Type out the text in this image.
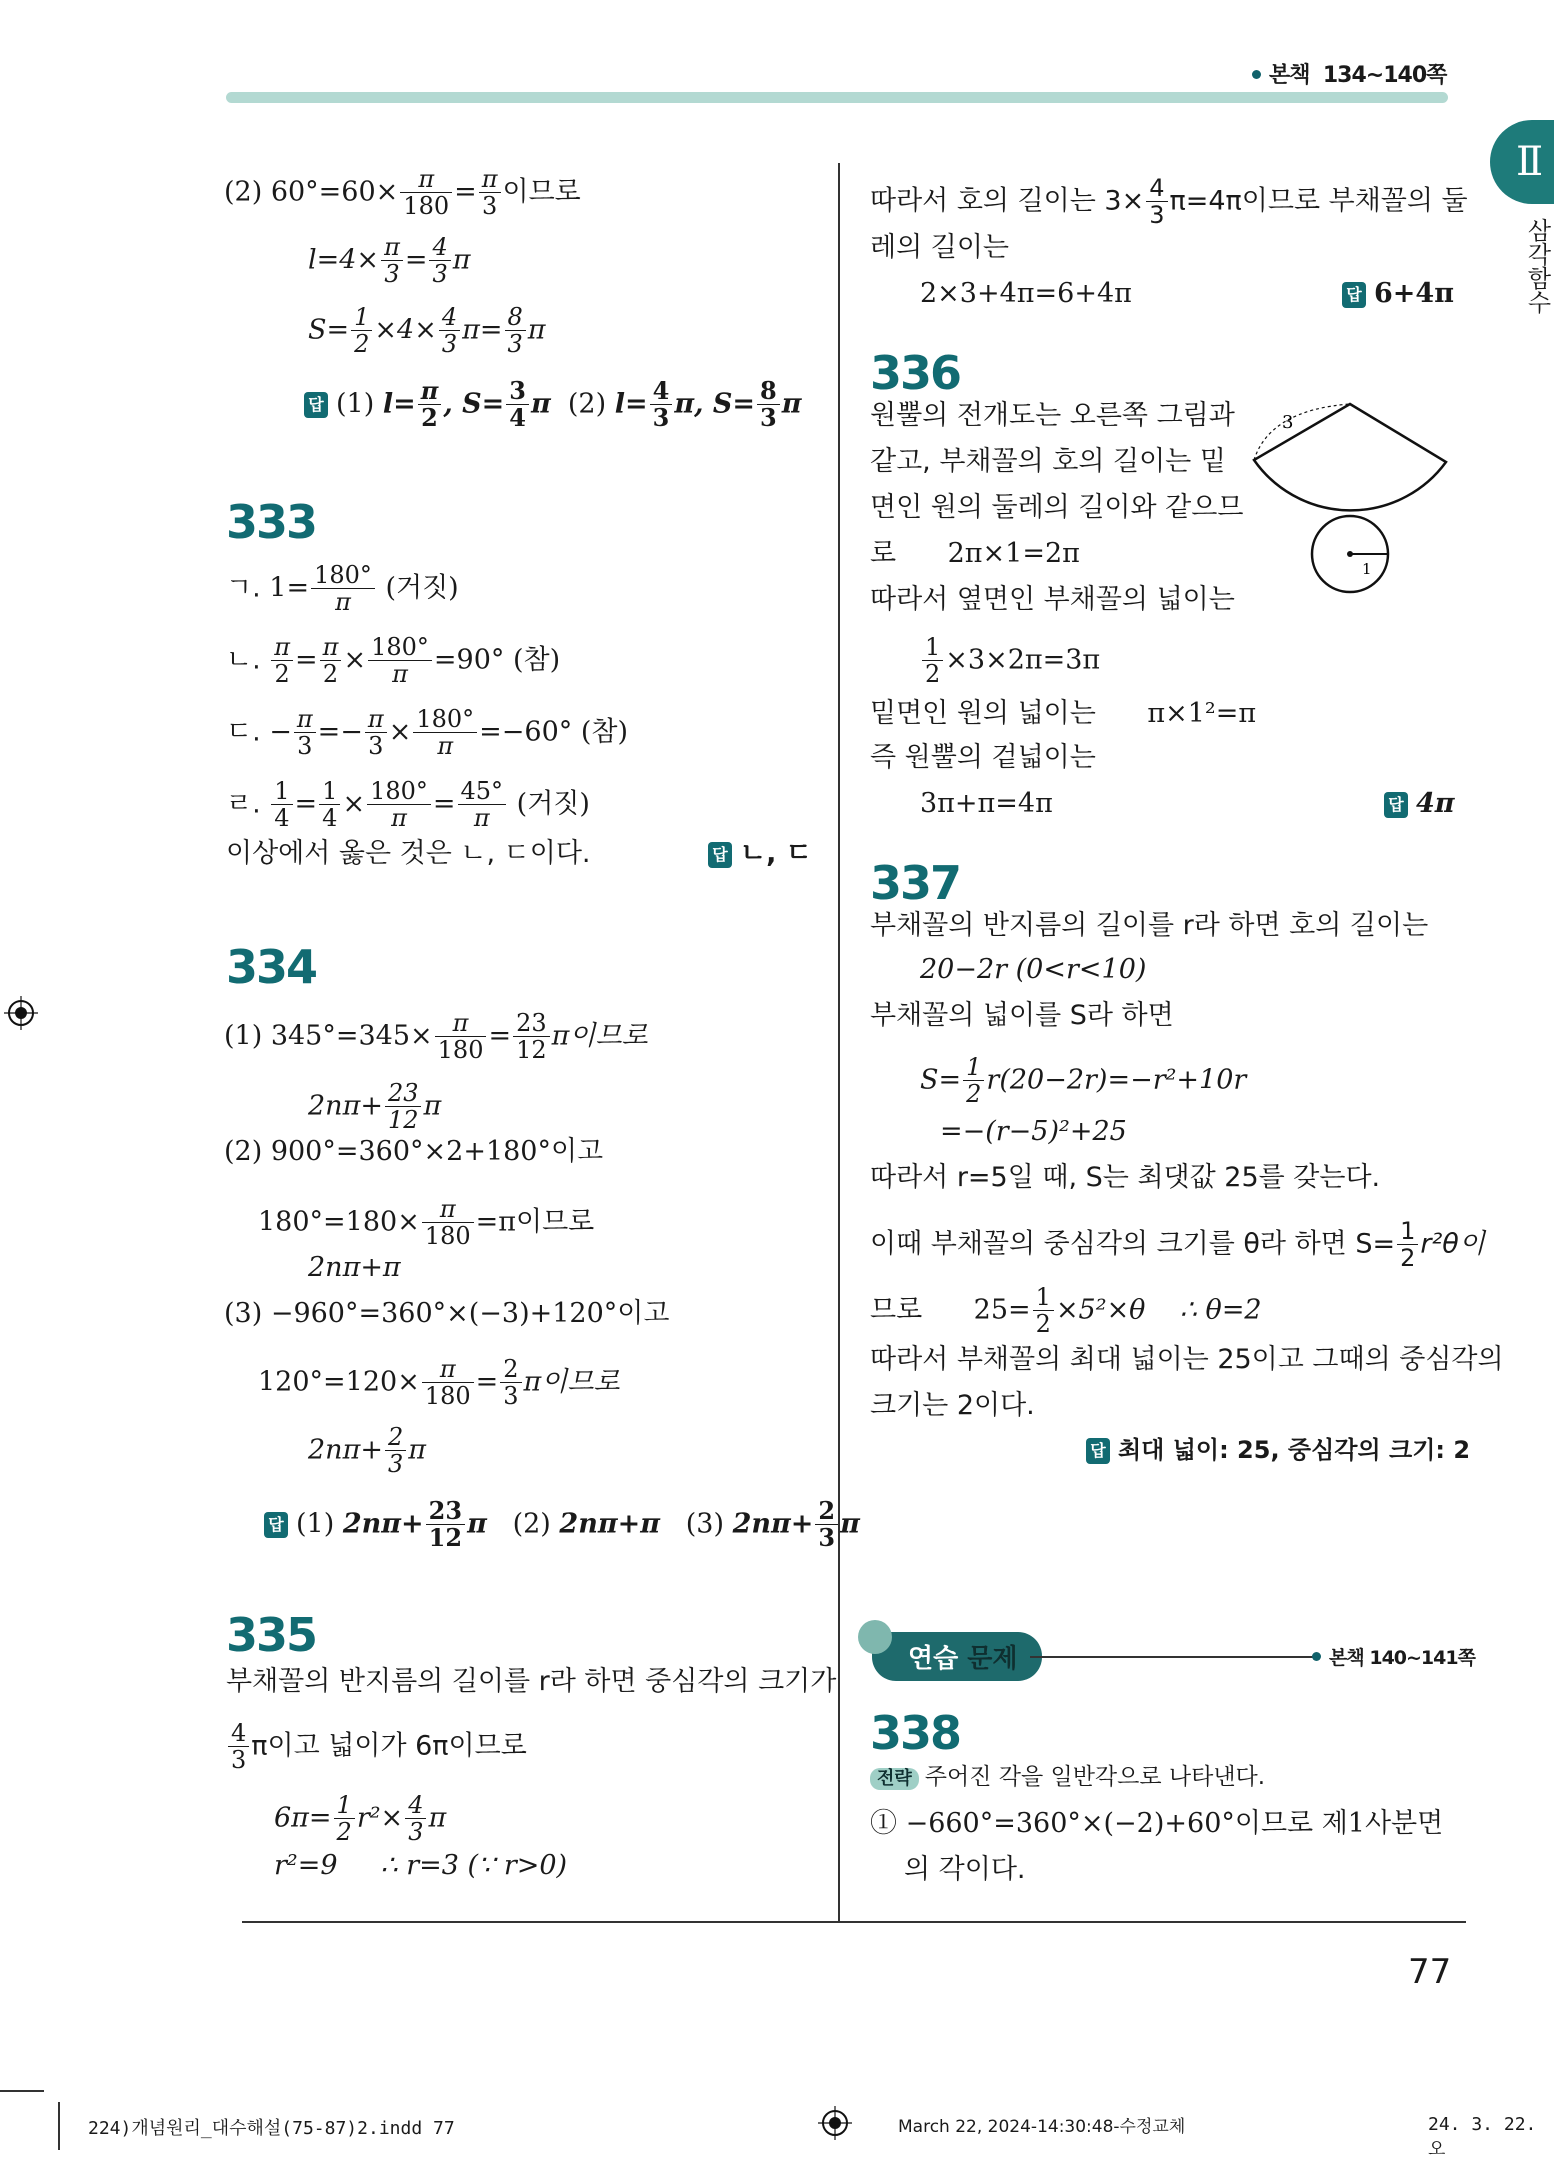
본책 134~140쪽
Ⅱ
삼각함수
(2) $60^\circ=60\times \frac{\pi}{180} = \frac{\pi}{3}$ 이므로
$l=4\times \frac{\pi}{3} = \frac{4}{3}$ π
$S= \frac{1}{2} \times 4\times \frac{4}{3} \pi= \frac{8}{3}$ π
답 (1) $l= \frac{\pi}{2}$ , $S= \frac{3}{4}$ π (2) $l= \frac{4}{3} \pi$, $S= \frac{8}{3}$ π
333
ㄱ. $1= \frac{180^\circ}{\pi}$ (거짓)
ㄴ. $\frac{\pi}{2} = \frac{\pi}{2} \times \frac{180^\circ}{\pi} =90^\circ$ (참)
ㄷ. − $\frac{\pi}{3} =- \frac{\pi}{3} \times \frac{180^\circ}{\pi} =-60^\circ$ (참)
ㄹ. $\frac{1}{4} = \frac{1}{4} \times \frac{180^\circ}{\pi} = \frac{45^\circ}{\pi}$ (거짓)
이상에서 옳은 것은 ㄴ, ㄷ이다.	답 ㄴ, ㄷ
334
(1) $345^\circ=345\times \frac{\pi}{180} = \frac{23}{12}$ π이므로
$2n\pi+ \frac{23}{12}$ π
(2) 900°=360°×2+180°이고
$180^\circ=180\times \frac{\pi}{180} =\pi$이므로
2nπ+π
(3) −960°=360°×(−3)+120°이고
$120^\circ=120\times \frac{\pi}{180} = \frac{2}{3}$ π이므로
$2n\pi+ \frac{2}{3}$ π
답 (1) $2n\pi+ \frac{23}{12}$ π (2) 2nπ+π (3) $2n\pi+ \frac{2}{3}$ π
335
부채꼴의 반지름의 길이를 r라 하면 중심각의 크기가
$\frac{4}{3}$ π이고 넓이가 6π이므로
$6\pi= \frac{1}{2} r^2\times \frac{4}{3}$ π
r²=9 ∴ r=3 (∵ r>0)
따라서 호의 길이는 $3\times \frac{4}{3} \pi=4\pi$이므로 부채꼴의 둘
레의 길이는
2×3+4π=6+4π	답 6+4π
336
원뿔의 전개도는 오른쪽 그림과
같고, 부채꼴의 호의 길이는 밑
면인 원의 둘레의 길이와 같으므
로 2π×1=2π
따라서 옆면인 부채꼴의 넓이는
$\frac{1}{2} \times 3\times 2\pi=3\pi$
밑면인 원의 넓이는 π×1²=π
즉 원뿔의 겉넓이는
3π+π=4π	답 4π
3
1
337
부채꼴의 반지름의 길이를 r라 하면 호의 길이는
20−2r (0<r<10)
부채꼴의 넓이를 S라 하면
$S= \frac{1}{2} r(20-2r)=-r^2+10r$
=−(r−5)²+25
따라서 r=5일 때, S는 최댓값 25를 갖는다.
이때 부채꼴의 중심각의 크기를 θ라 하면 $S= \frac{1}{2} r^2\theta$이
므로 $25= \frac{1}{2} \times 5^2\times\theta$ ∴ θ=2
따라서 부채꼴의 최대 넓이는 25이고 그때의 중심각의
크기는 2이다.
답 최대 넓이: 25, 중심각의 크기: 2
연습 문제	본책 140~141쪽
338
전략 주어진 각을 일반각으로 나타낸다.
① −660°=360°×(−2)+60°이므로 제1사분면
의 각이다.
77
224)개념원리_대수해설(75-87)2.indd 77	March 22, 2024-14:30:48-수정교체	24. 3. 22. 오
